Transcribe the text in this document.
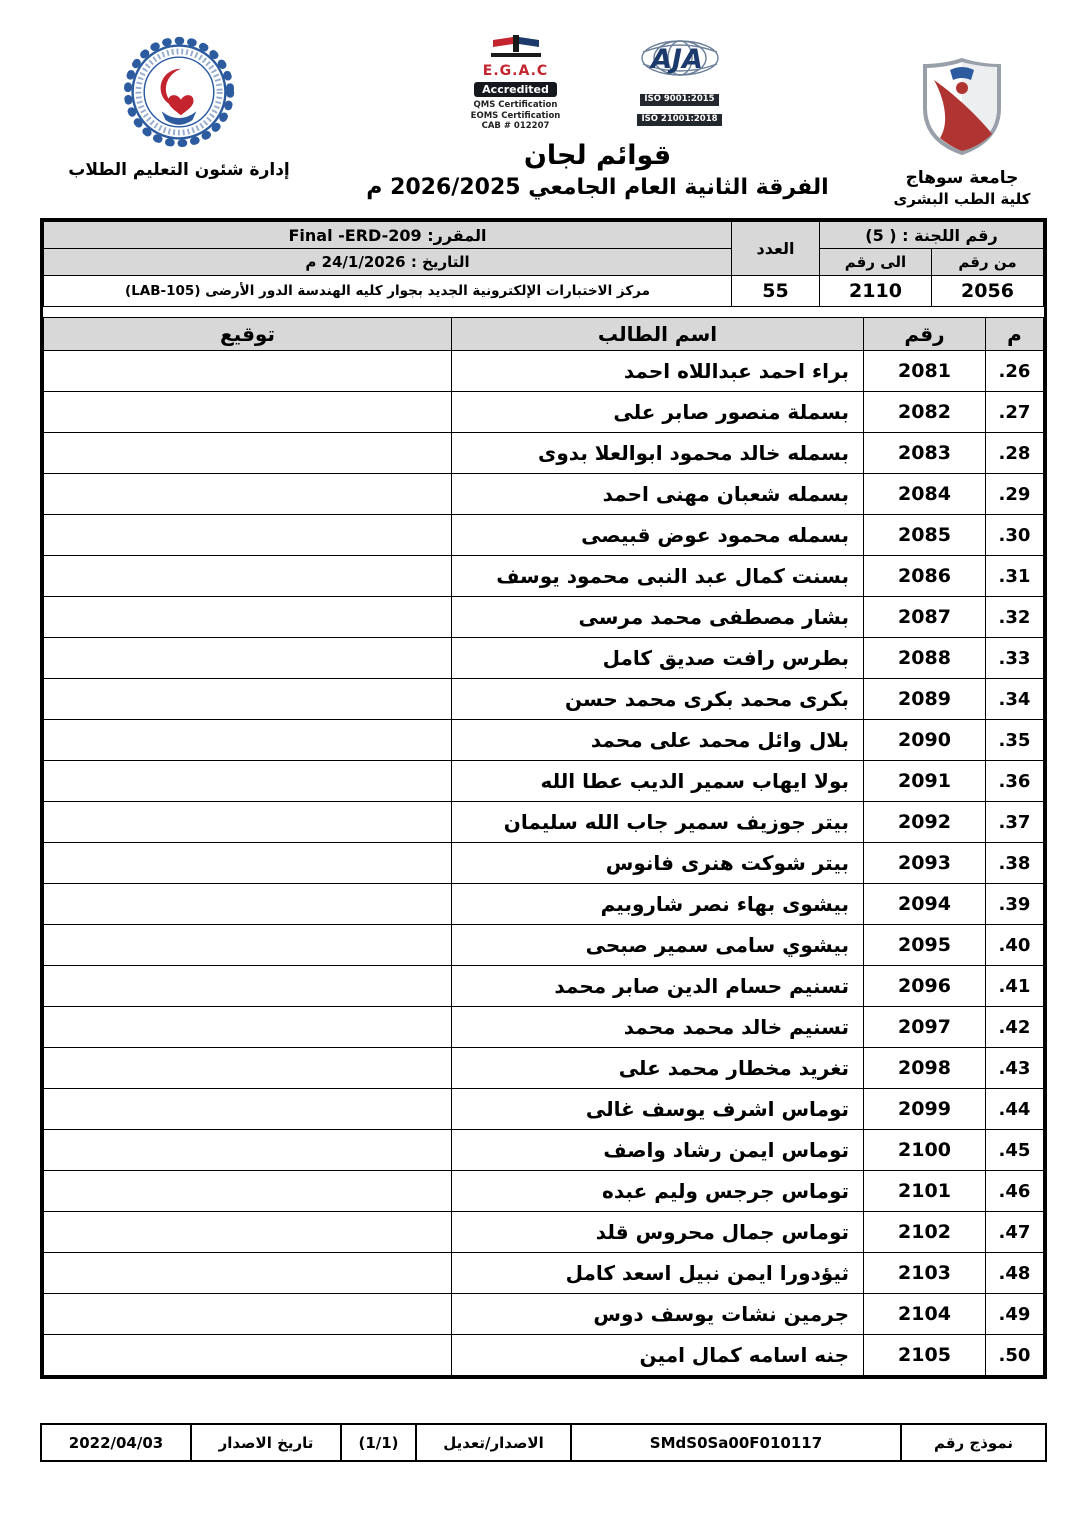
جامعة سوهاج
كلية الطب البشرى
E.G.A.C
Accredited
QMS Certification
EOMS Certification
CAB # 012207
AJA
ISO 9001:2015
ISO 21001:2018
قوائم لجان
الفرقة الثانية العام الجامعي 2026/2025 م
إدارة شئون التعليم الطلاب
رقم اللجنة : ( 5)		العدد	المقرر: Final -ERD-209
من رقم	الى رقم		التاريخ : 24/1/2026 م
2056	2110	55	مركز الاختبارات الإلكترونية الجديد بجوار كليه الهندسة الدور الأرضى (LAB-105)
م	رقم	اسم الطالب	توقيع
26.	2081	براء احمد عبداللاه احمد	
27.	2082	بسملة منصور صابر على	
28.	2083	بسمله خالد محمود ابوالعلا بدوى	
29.	2084	بسمله شعبان مهنى احمد	
30.	2085	بسمله محمود عوض قبيصى	
31.	2086	بسنت كمال عبد النبى محمود يوسف	
32.	2087	بشار مصطفى محمد مرسى	
33.	2088	بطرس رافت صديق كامل	
34.	2089	بكرى محمد بكرى محمد حسن	
35.	2090	بلال وائل محمد على محمد	
36.	2091	بولا ايهاب سمير الديب عطا الله	
37.	2092	بيتر جوزيف سمير جاب الله سليمان	
38.	2093	بيتر شوكت هنرى فانوس	
39.	2094	بيشوى بهاء نصر شاروبيم	
40.	2095	بيشوي سامى سمير صبحى	
41.	2096	تسنيم حسام الدين صابر محمد	
42.	2097	تسنيم خالد محمد محمد	
43.	2098	تغريد مخطار محمد على	
44.	2099	توماس اشرف يوسف غالى	
45.	2100	توماس ايمن رشاد واصف	
46.	2101	توماس جرجس وليم عبده	
47.	2102	توماس جمال محروس قلد	
48.	2103	ثيؤدورا ايمن نبيل اسعد كامل	
49.	2104	جرمين نشات يوسف دوس	
50.	2105	جنه اسامه كمال امين	
نموذج رقم	SMdS0Sa00F010117	الاصدار/تعديل	(1/1)	تاريخ الاصدار	2022/04/03
